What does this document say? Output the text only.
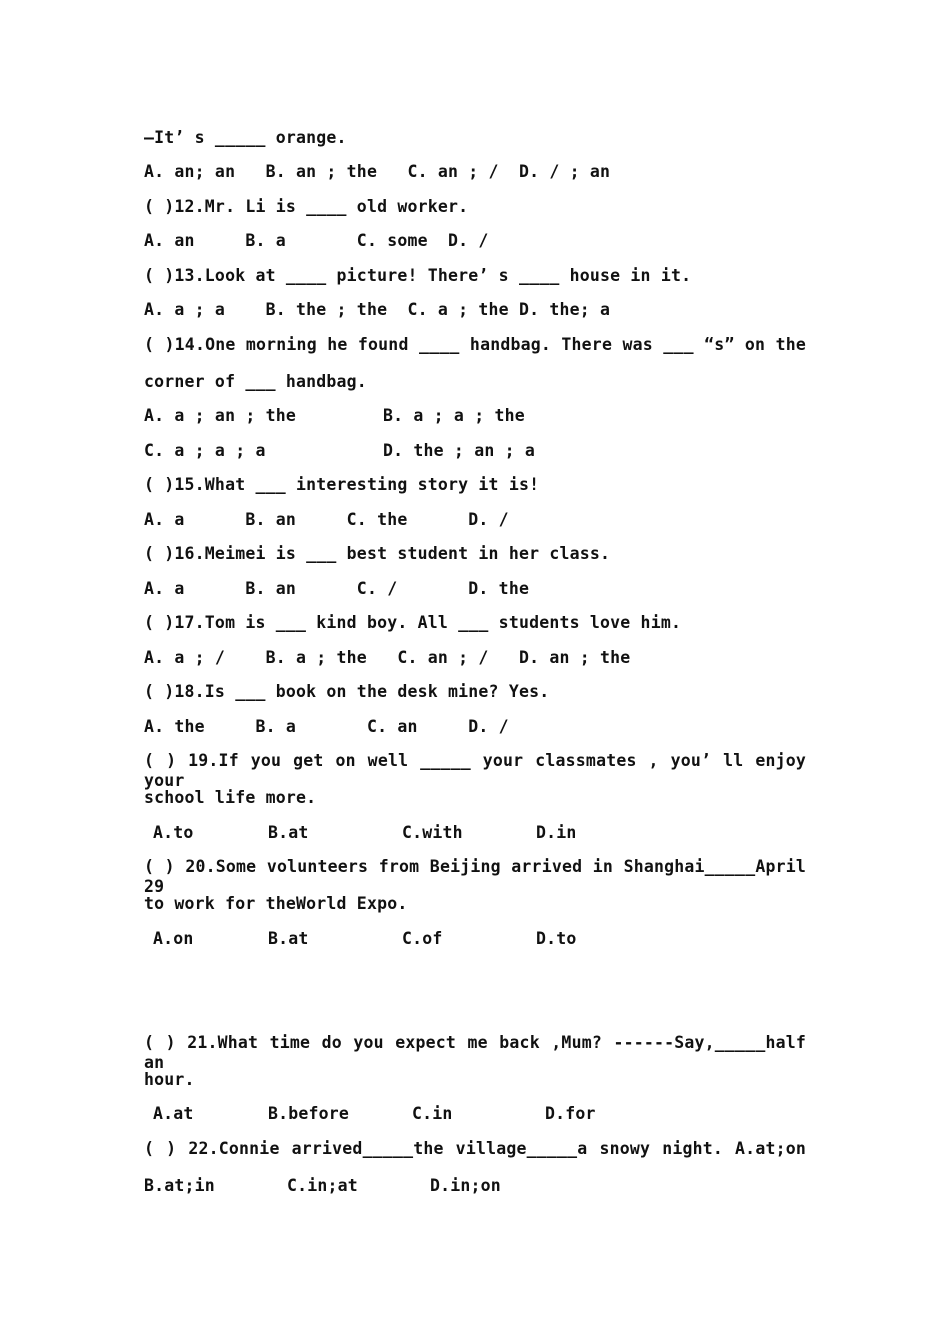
—It’ s _____ orange.

A. an; an   B. an ; the   C. an ; /  D. / ; an

( )12.Mr. Li is ____ old worker.

A. an     B. a       C. some  D. /

( )13.Look at ____ picture! There’ s ____ house in it.

A. a ; a    B. the ; the  C. a ; the D. the; a

( )14.One morning he found ____ handbag. There was ___ “s” on the

corner of ___ handbag.

A. a ; an ; the	B. a ; a ; the

C. a ; a ; a	D. the ; an ; a

( )15.What ___ interesting story it is!

A. a      B. an     C. the      D. /

( )16.Meimei is ___ best student in her class.

A. a      B. an      C. /       D. the

( )17.Tom is ___ kind boy. All ___ students love him.

A. a ; /    B. a ; the   C. an ; /   D. an ; the

( )18.Is ___ book on the desk mine? Yes.

A. the     B. a       C. an     D. /

( ) 19.If you get on well _____ your classmates , you’ ll enjoy your

school life more.

A.to	B.at	C.with	D.in

( ) 20.Some volunteers from Beijing arrived in Shanghai_____April 29

to work for theWorld Expo.

A.on	B.at	C.of	D.to

( ) 21.What time do you expect me back ,Mum? ------Say,_____half an

hour.

A.at	B.before	C.in	D.for

( ) 22.Connie arrived_____the village_____a snowy night. A.at;on

B.at;in	C.in;at	D.in;on
